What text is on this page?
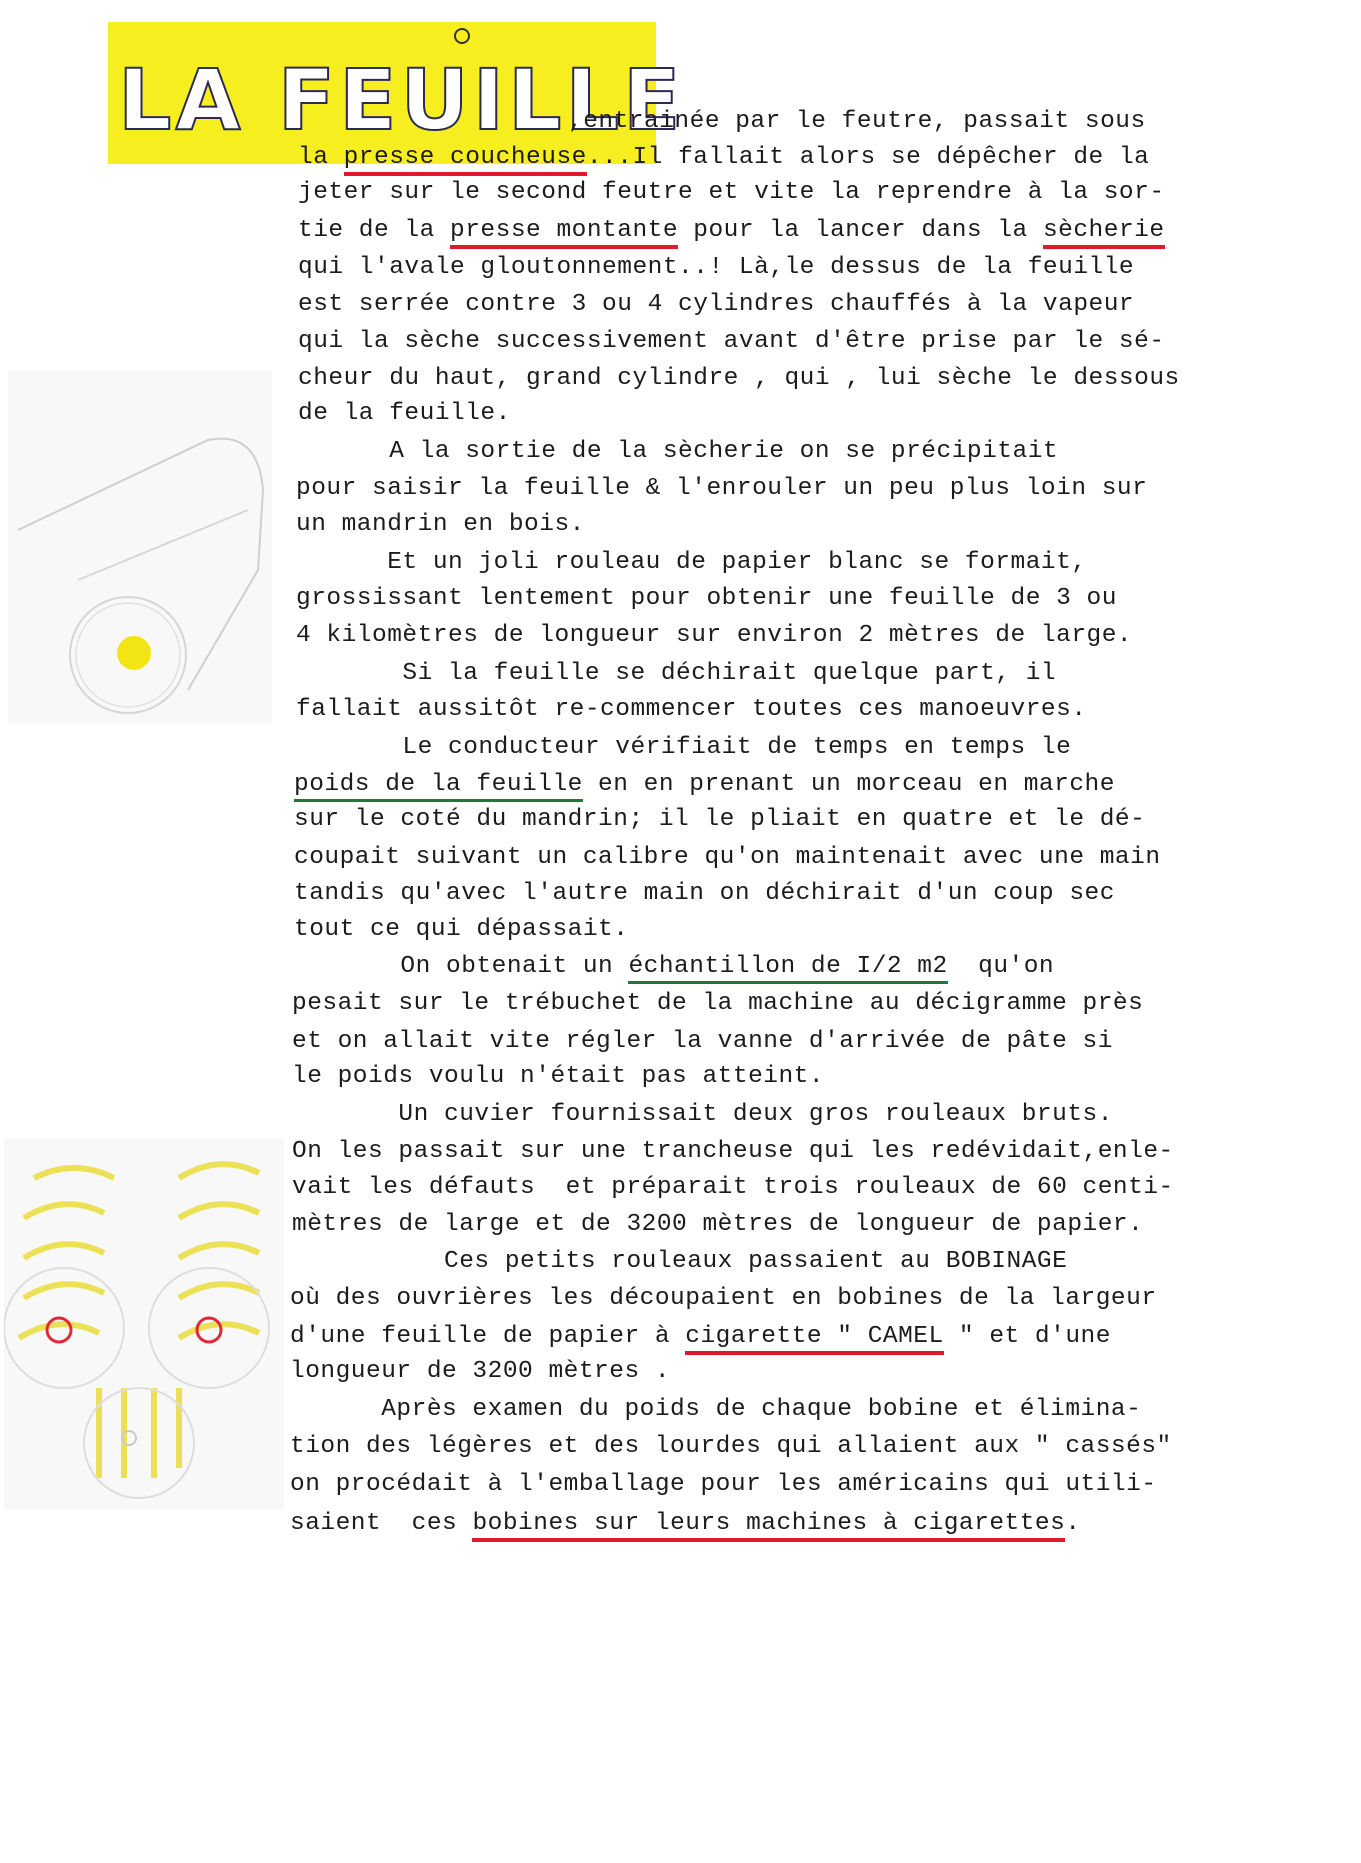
LA FEUILLE
,entrainée par le feutre, passait sous
la presse coucheuse...Il fallait alors se dépêcher de la
jeter sur le second feutre et vite la reprendre à la sor-
tie de la presse montante pour la lancer dans la sècherie
qui l'avale gloutonnement..! Là,le dessus de la feuille
est serrée contre 3 ou 4 cylindres chauffés à la vapeur
qui la sèche successivement avant d'être prise par le sé-
cheur du haut, grand cylindre , qui , lui sèche le dessous
de la feuille.
A la sortie de la sècherie on se précipitait
pour saisir la feuille & l'enrouler un peu plus loin sur
un mandrin en bois.
Et un joli rouleau de papier blanc se formait,
grossissant lentement pour obtenir une feuille de 3 ou
4 kilomètres de longueur sur environ 2 mètres de large.
Si la feuille se déchirait quelque part, il
fallait aussitôt re-commencer toutes ces manoeuvres.
Le conducteur vérifiait de temps en temps le
poids de la feuille en en prenant un morceau en marche
sur le coté du mandrin; il le pliait en quatre et le dé-
coupait suivant un calibre qu'on maintenait avec une main
tandis qu'avec l'autre main on déchirait d'un coup sec
tout ce qui dépassait.
On obtenait un échantillon de I/2 m2  qu'on
pesait sur le trébuchet de la machine au décigramme près
et on allait vite régler la vanne d'arrivée de pâte si
le poids voulu n'était pas atteint.
Un cuvier fournissait deux gros rouleaux bruts.
On les passait sur une trancheuse qui les redévidait,enle-
vait les défauts  et préparait trois rouleaux de 60 centi-
mètres de large et de 3200 mètres de longueur de papier.
Ces petits rouleaux passaient au BOBINAGE
où des ouvrières les découpaient en bobines de la largeur
d'une feuille de papier à cigarette " CAMEL " et d'une
longueur de 3200 mètres .
Après examen du poids de chaque bobine et élimina-
tion des légères et des lourdes qui allaient aux " cassés"
on procédait à l'emballage pour les américains qui utili-
saient  ces bobines sur leurs machines à cigarettes.
